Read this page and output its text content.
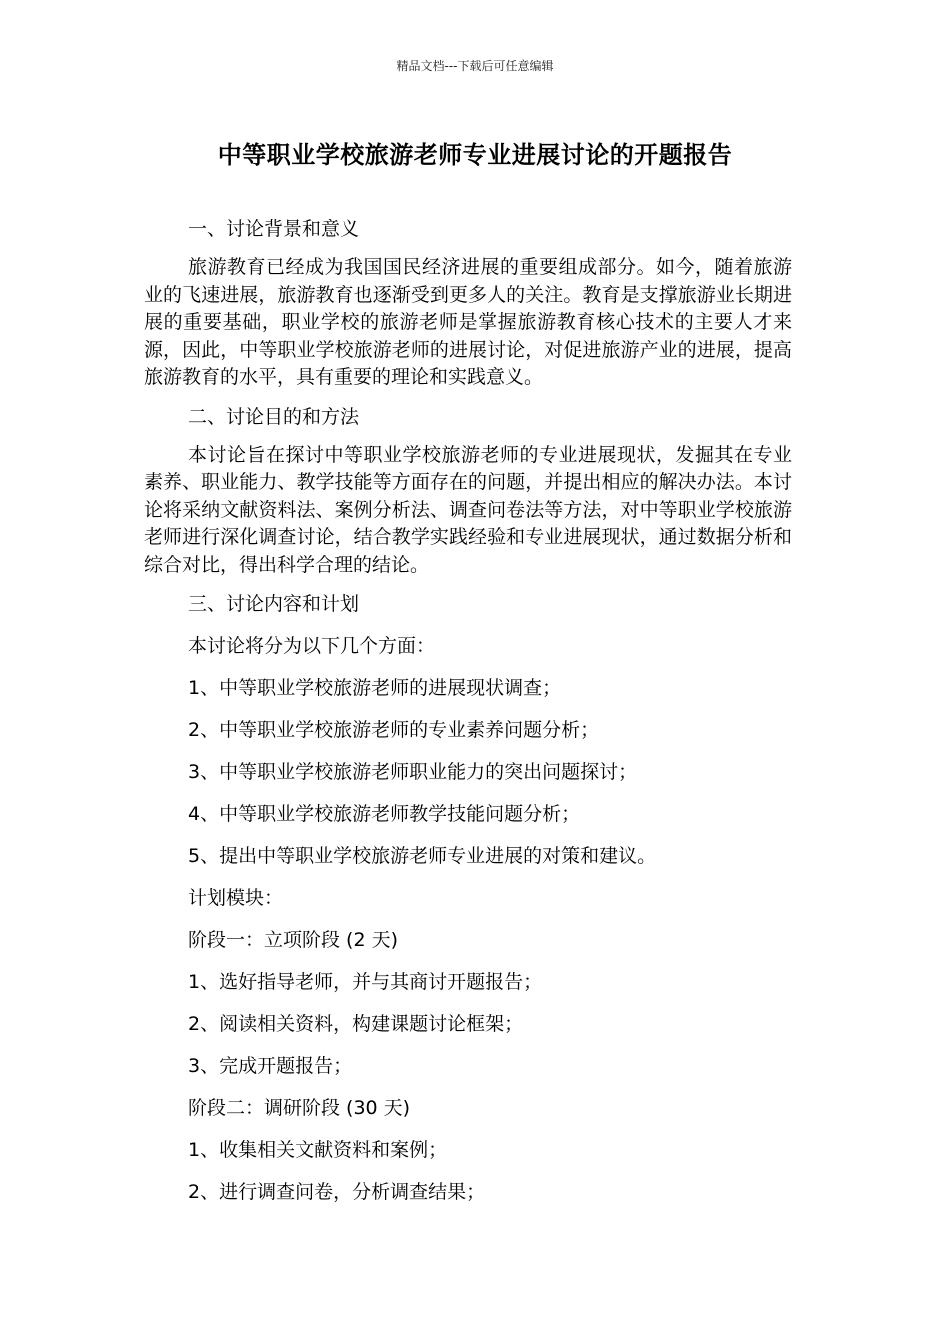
精品文档---下载后可任意编辑
中等职业学校旅游老师专业进展讨论的开题报告

一、讨论背景和意义

旅游教育已经成为我国国民经济进展的重要组成部分。如今，随着旅游业的飞速进展，旅游教育也逐渐受到更多人的关注。教育是支撑旅游业长期进展的重要基础，职业学校的旅游老师是掌握旅游教育核心技术的主要人才来源，因此，中等职业学校旅游老师的进展讨论，对促进旅游产业的进展，提高旅游教育的水平，具有重要的理论和实践意义。

二、讨论目的和方法

本讨论旨在探讨中等职业学校旅游老师的专业进展现状，发掘其在专业素养、职业能力、教学技能等方面存在的问题，并提出相应的解决办法。本讨论将采纳文献资料法、案例分析法、调查问卷法等方法，对中等职业学校旅游老师进行深化调查讨论，结合教学实践经验和专业进展现状，通过数据分析和综合对比，得出科学合理的结论。

三、讨论内容和计划

本讨论将分为以下几个方面：

1、中等职业学校旅游老师的进展现状调查；

2、中等职业学校旅游老师的专业素养问题分析；

3、中等职业学校旅游老师职业能力的突出问题探讨；

4、中等职业学校旅游老师教学技能问题分析；

5、提出中等职业学校旅游老师专业进展的对策和建议。

计划模块：

阶段一：立项阶段 (2 天)

1、选好指导老师，并与其商讨开题报告；

2、阅读相关资料，构建课题讨论框架；

3、完成开题报告；

阶段二：调研阶段 (30 天)

1、收集相关文献资料和案例；

2、进行调查问卷，分析调查结果；
